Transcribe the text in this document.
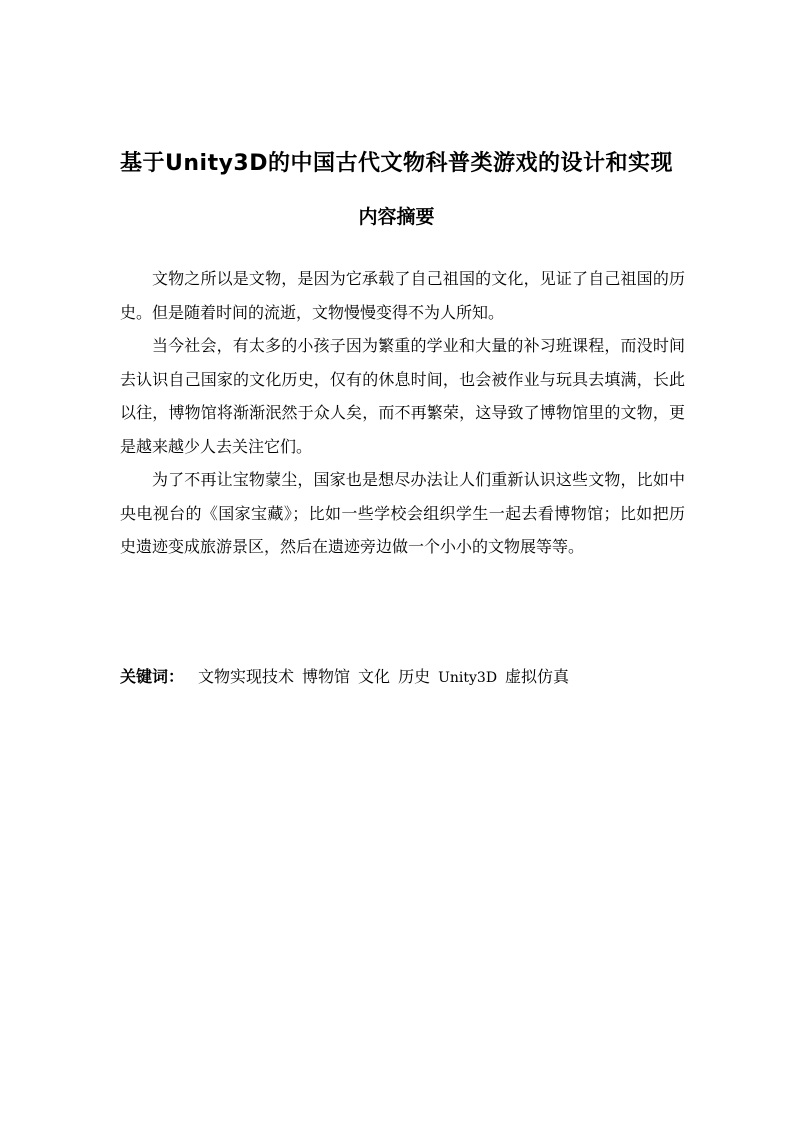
基于Unity3D的中国古代文物科普类游戏的设计和实现
内容摘要

文物之所以是文物，是因为它承载了自己祖国的文化，见证了自己祖国的历史。但是随着时间的流逝，文物慢慢变得不为人所知。

当今社会，有太多的小孩子因为繁重的学业和大量的补习班课程，而没时间去认识自己国家的文化历史，仅有的休息时间，也会被作业与玩具去填满，长此以往，博物馆将渐渐泯然于众人矣，而不再繁荣，这导致了博物馆里的文物，更是越来越少人去关注它们。

为了不再让宝物蒙尘，国家也是想尽办法让人们重新认识这些文物，比如中央电视台的《国家宝藏》；比如一些学校会组织学生一起去看博物馆；比如把历史遗迹变成旅游景区，然后在遗迹旁边做一个小小的文物展等等。

关键词： 文物实现技术 博物馆 文化 历史 Unity3D 虚拟仿真
